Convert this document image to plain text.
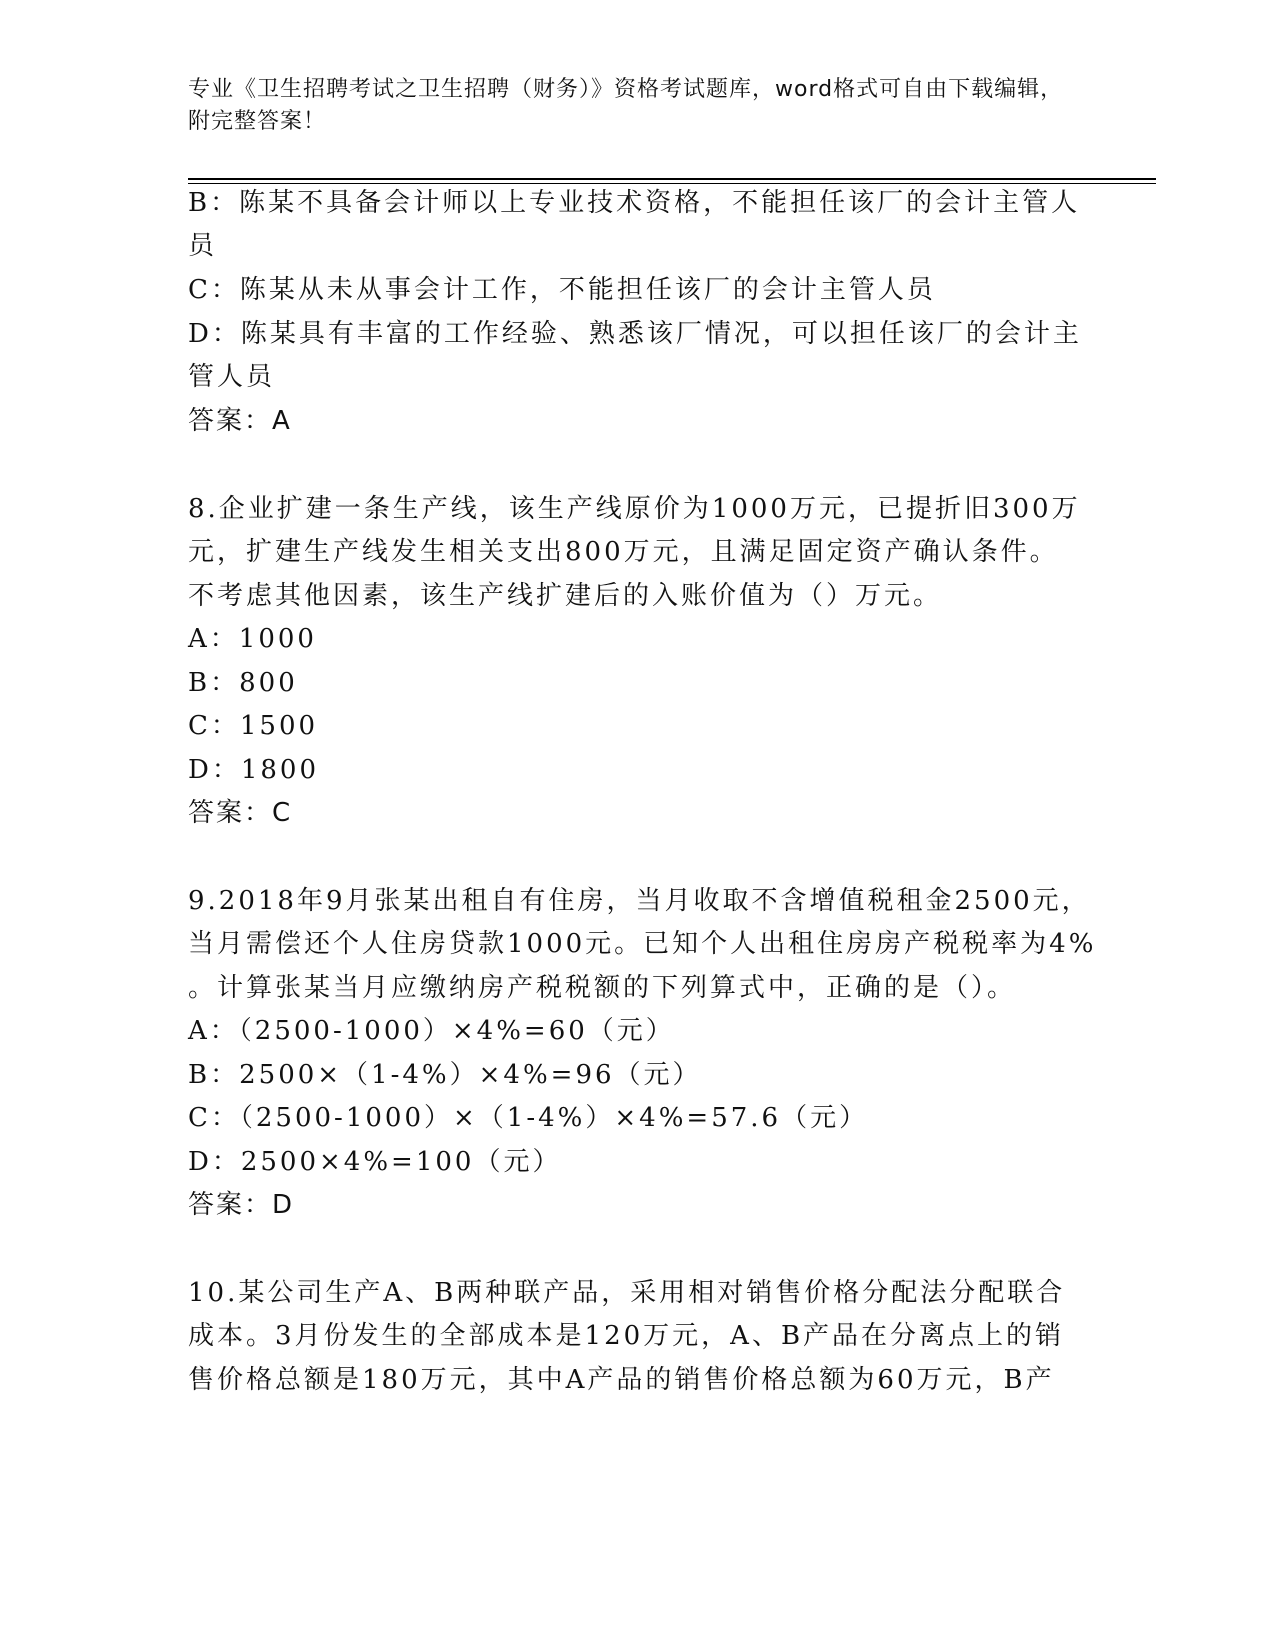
专业《卫生招聘考试之卫生招聘（财务）》资格考试题库，word格式可自由下载编辑，附完整答案！
B：陈某不具备会计师以上专业技术资格，不能担任该厂的会计主管人
员
C：陈某从未从事会计工作，不能担任该厂的会计主管人员
D：陈某具有丰富的工作经验、熟悉该厂情况，可以担任该厂的会计主
管人员
答案：A
8.企业扩建一条生产线，该生产线原价为1000万元，已提折旧300万
元，扩建生产线发生相关支出800万元，且满足固定资产确认条件。
不考虑其他因素，该生产线扩建后的入账价值为（）万元。
A：1000
B：800
C：1500
D：1800
答案：C
9.2018年9月张某出租自有住房，当月收取不含增值税租金2500元，
当月需偿还个人住房贷款1000元。已知个人出租住房房产税税率为4%
。计算张某当月应缴纳房产税税额的下列算式中，正确的是（）。
A：（2500-1000）×4%=60（元）
B：2500×（1-4%）×4%=96（元）
C：（2500-1000）×（1-4%）×4%=57.6（元）
D：2500×4%=100（元）
答案：D
10.某公司生产A、B两种联产品，采用相对销售价格分配法分配联合
成本。3月份发生的全部成本是120万元，A、B产品在分离点上的销
售价格总额是180万元，其中A产品的销售价格总额为60万元，B产
